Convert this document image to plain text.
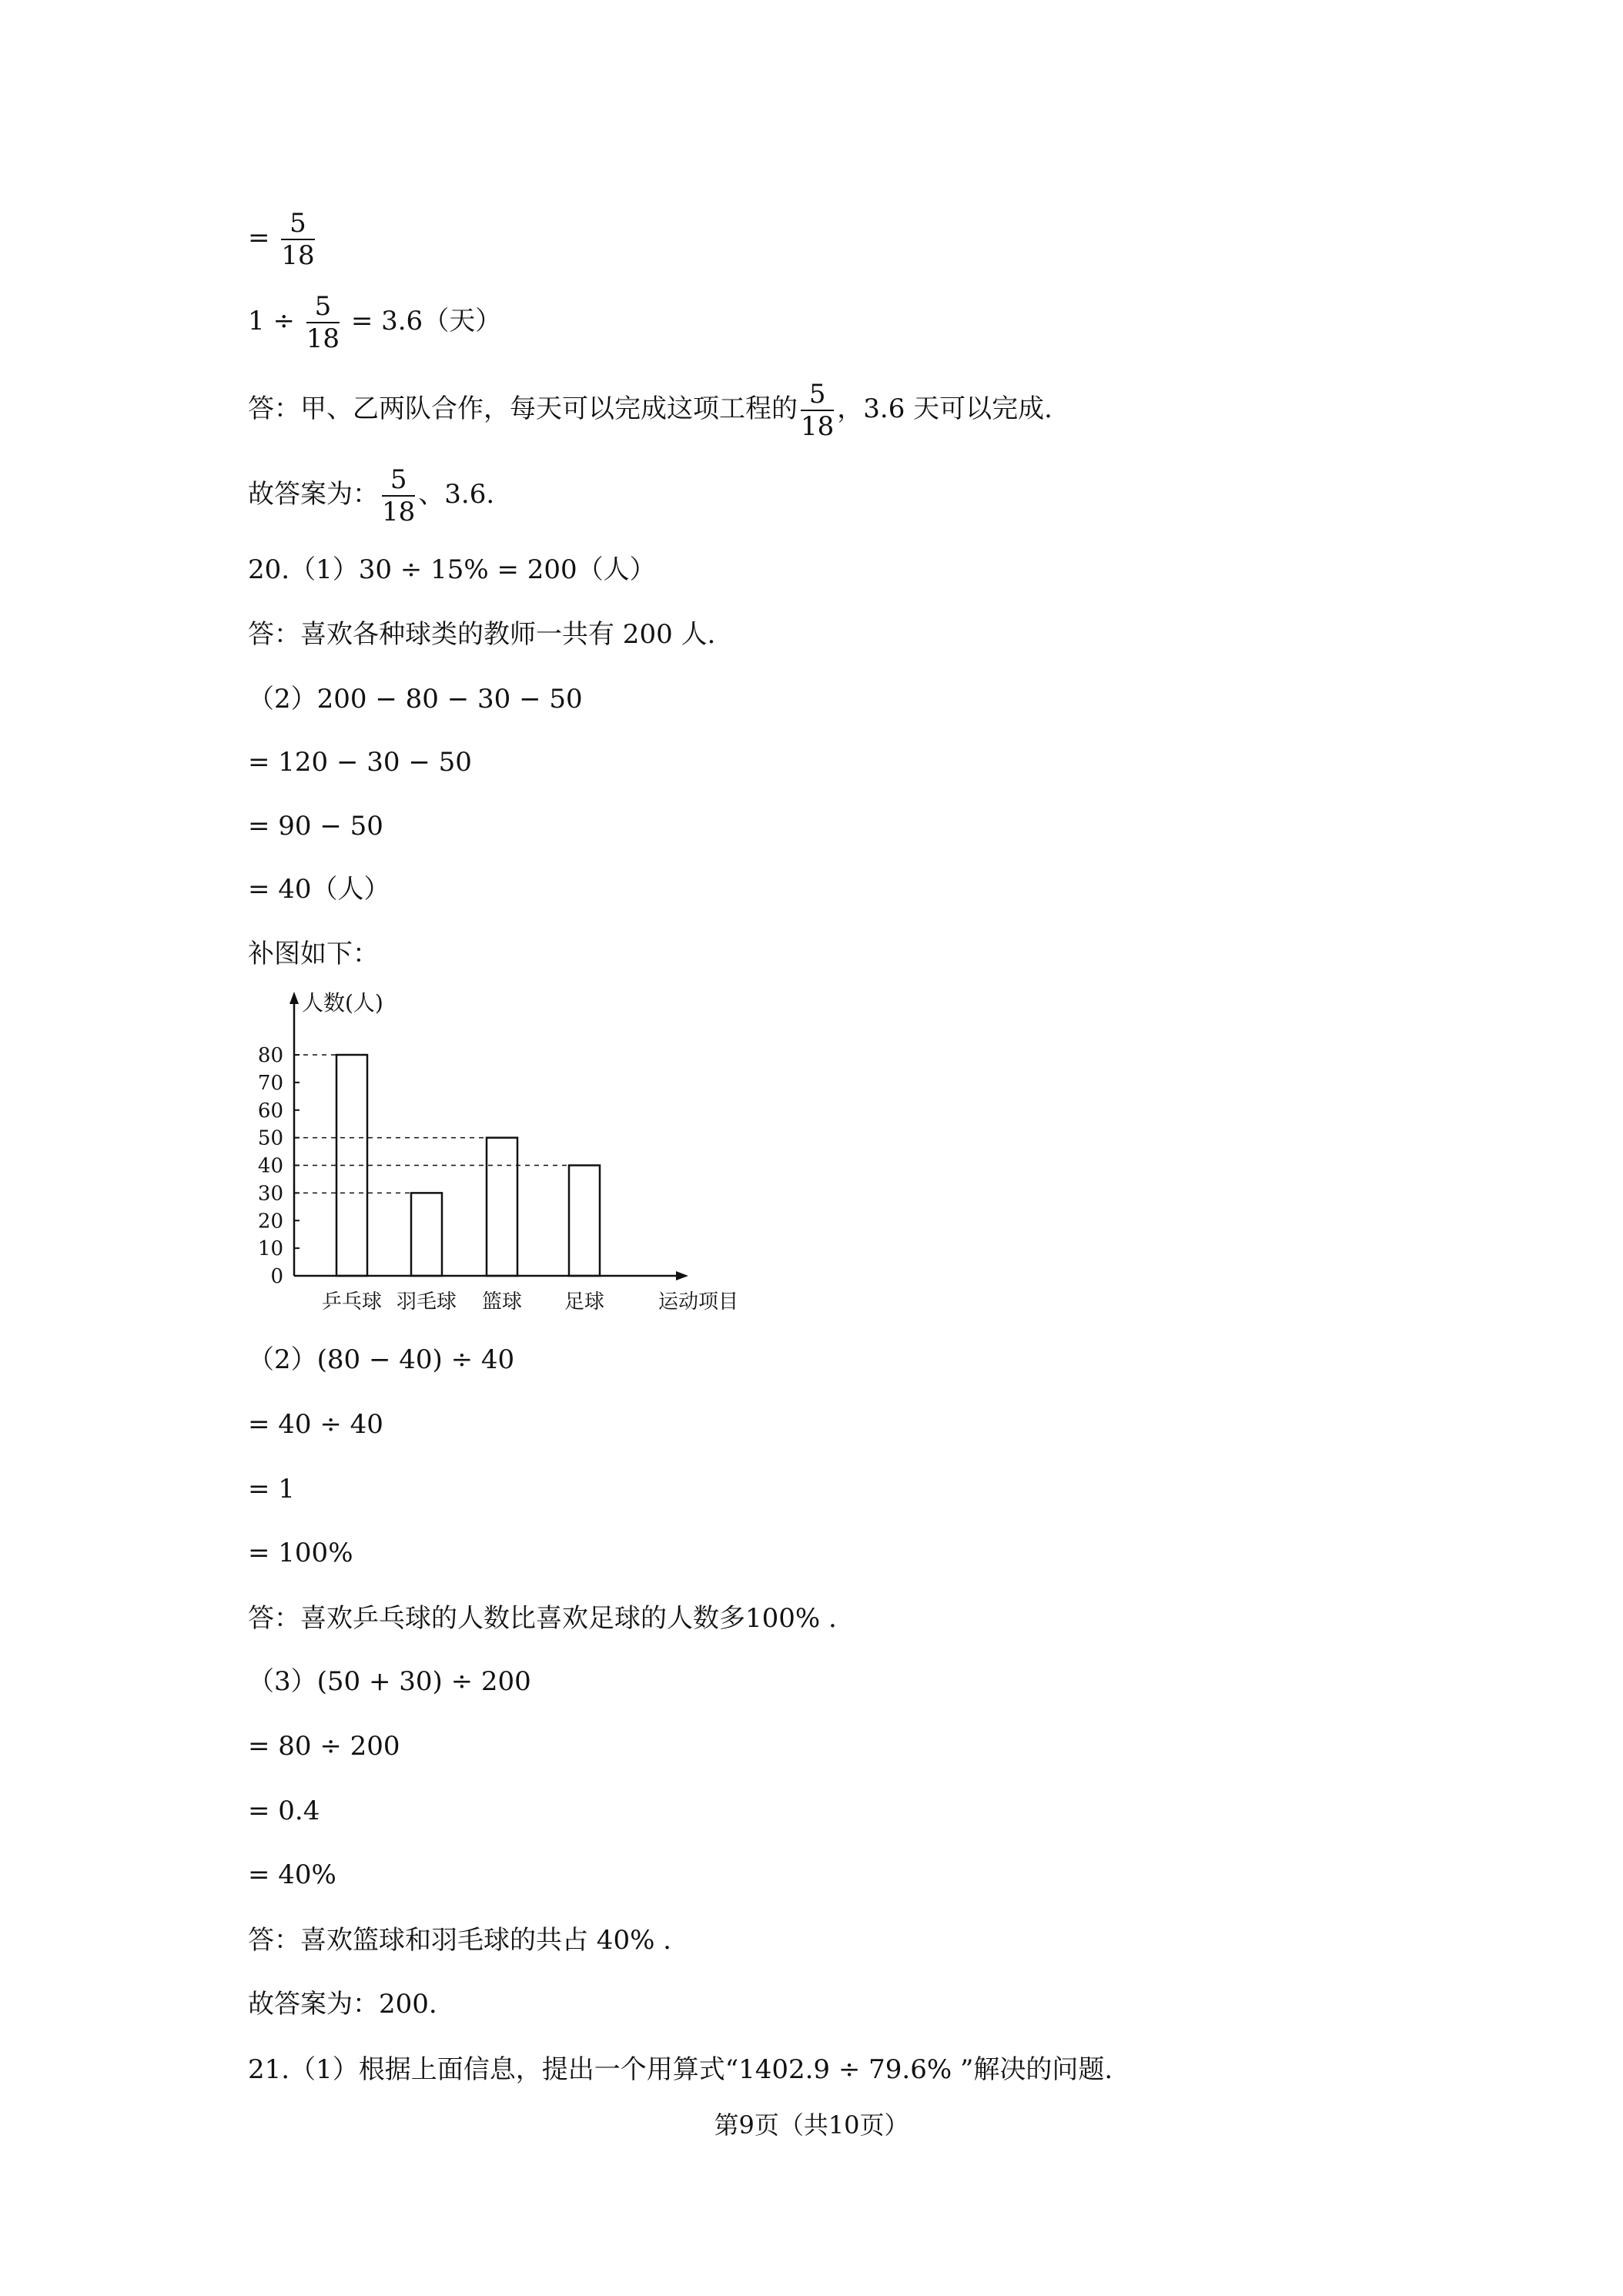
= $\frac{5}{18}$
$1 \div \frac{5}{18} = 3.6$（天）
答：甲、乙两队合作，每天可以完成这项工程的 $\frac{5}{18}$ ，3.6 天可以完成.
故答案为： $\frac{5}{18}$ 、3.6.
20.（1）30 ÷ 15% = 200（人）
答：喜欢各种球类的教师一共有 200 人.
（2）200 − 80 − 30 − 50
= 120 − 30 − 50
= 90 − 50
= 40（人）
补图如下：
人数(人)
0
10
20
30
40
50
60
70
80
乒乓球 羽毛球 篮球 足球	运动项目
（2）(80 − 40) ÷ 40
= 40 ÷ 40
= 1
= 100%
答：喜欢乒乓球的人数比喜欢足球的人数多100% .
（3）(50 + 30) ÷ 200
= 80 ÷ 200
= 0.4
= 40%
答：喜欢篮球和羽毛球的共占 40% .
故答案为：200.
21.（1）根据上面信息，提出一个用算式“1402.9 ÷ 79.6% ”解决的问题.
第9页（共10页）
